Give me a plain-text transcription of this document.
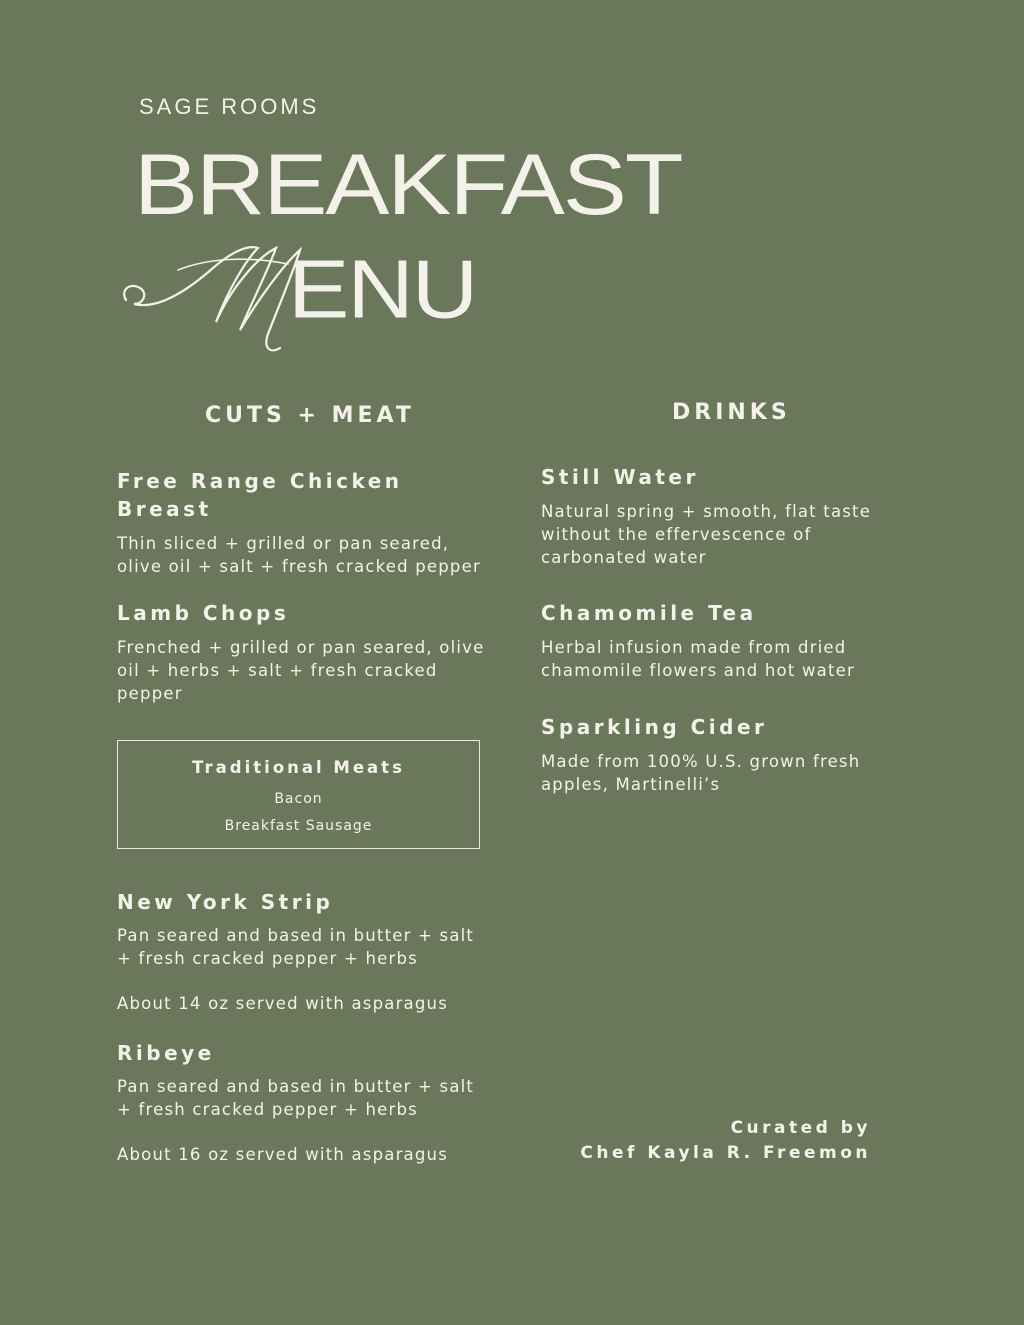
SAGE ROOMS
BREAKFAST
ENU
CUTS + MEAT
Free Range Chicken
Breast
Thin sliced + grilled or pan seared,
olive oil + salt + fresh cracked pepper
Lamb Chops
Frenched + grilled or pan seared, olive
oil + herbs + salt + fresh cracked
pepper
Traditional Meats
Bacon
Breakfast Sausage
New York Strip
Pan seared and based in butter + salt
+ fresh cracked pepper + herbs
About 14 oz served with asparagus
Ribeye
Pan seared and based in butter + salt
+ fresh cracked pepper + herbs
About 16 oz served with asparagus
DRINKS
Still Water
Natural spring + smooth, flat taste
without the effervescence of
carbonated water
Chamomile Tea
Herbal infusion made from dried
chamomile flowers and hot water
Sparkling Cider
Made from 100% U.S. grown fresh
apples, Martinelli’s
Curated by
Chef Kayla R. Freemon
